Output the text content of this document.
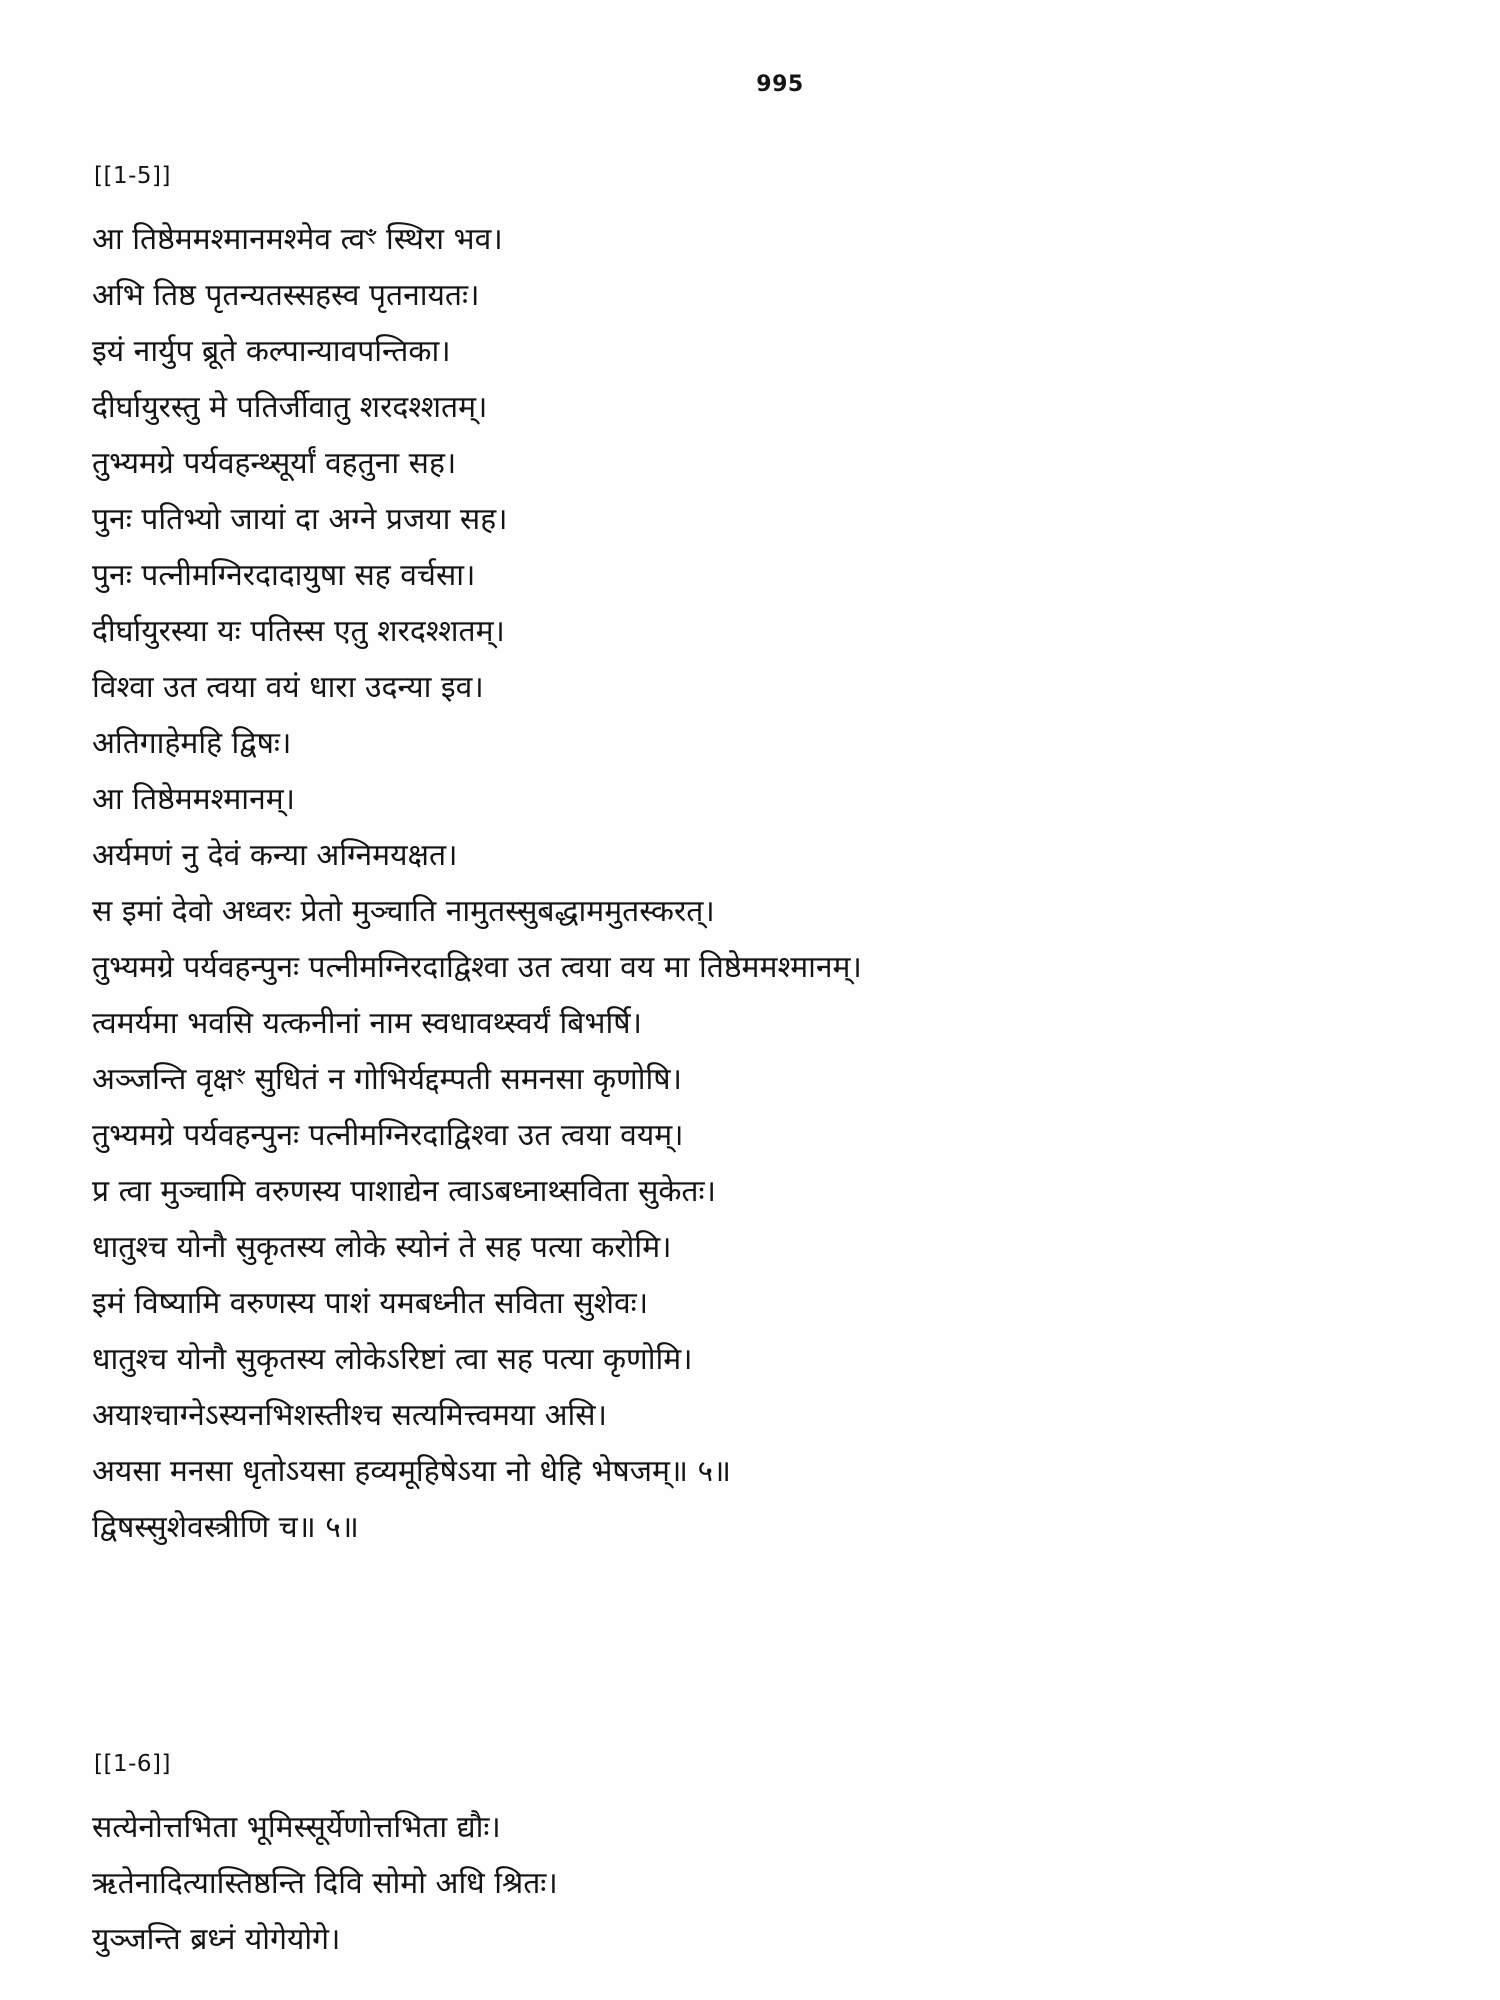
995
[[1-5]]
आ तिष्ठेममश्मानमश्मेव त्वꣳ स्थिरा भव।
अभि तिष्ठ पृतन्यतस्सहस्व पृतनायतः।
इयं नार्युप ब्रूते कल्पान्यावपन्तिका।
दीर्घायुरस्तु मे पतिर्जीवातु शरदश्शतम्।
तुभ्यमग्रे पर्यवहन्थ्सूर्यां वहतुना सह।
पुनः पतिभ्यो जायां दा अग्ने प्रजया सह।
पुनः पत्नीमग्निरदादायुषा सह वर्चसा।
दीर्घायुरस्या यः पतिस्स एतु शरदश्शतम्।
विश्वा उत त्वया वयं धारा उदन्या इव।
अतिगाहेमहि द्विषः।
आ तिष्ठेममश्मानम्।
अर्यमणं नु देवं कन्या अग्निमयक्षत।
स इमां देवो अध्वरः प्रेतो मुञ्चाति नामुतस्सुबद्धाममुतस्करत्।
तुभ्यमग्रे पर्यवहन्पुनः पत्नीमग्निरदाद्विश्वा उत त्वया वय मा तिष्ठेममश्मानम्।
त्वमर्यमा भवसि यत्कनीनां नाम स्वधावथ्स्वर्यं बिभर्षि।
अञ्जन्ति वृक्षꣳ सुधितं न गोभिर्यद्दम्पती समनसा कृणोषि।
तुभ्यमग्रे पर्यवहन्पुनः पत्नीमग्निरदाद्विश्वा उत त्वया वयम्।
प्र त्वा मुञ्चामि वरुणस्य पाशाद्येन त्वाऽबध्नाथ्सविता सुकेतः।
धातुश्च योनौ सुकृतस्य लोके स्योनं ते सह पत्या करोमि।
इमं विष्यामि वरुणस्य पाशं यमबध्नीत सविता सुशेवः।
धातुश्च योनौ सुकृतस्य लोकेऽरिष्टां त्वा सह पत्या कृणोमि।
अयाश्चाग्नेऽस्यनभिशस्तीश्च सत्यमित्त्वमया असि।
अयसा मनसा धृतोऽयसा हव्यमूहिषेऽया नो धेहि भेषजम्॥ ५॥
द्विषस्सुशेवस्त्रीणि च॥ ५॥
[[1-6]]
सत्येनोत्तभिता भूमिस्सूर्येणोत्तभिता द्यौः।
ऋतेनादित्यास्तिष्ठन्ति दिवि सोमो अधि श्रितः।
युञ्जन्ति ब्रध्नं योगेयोगे।
